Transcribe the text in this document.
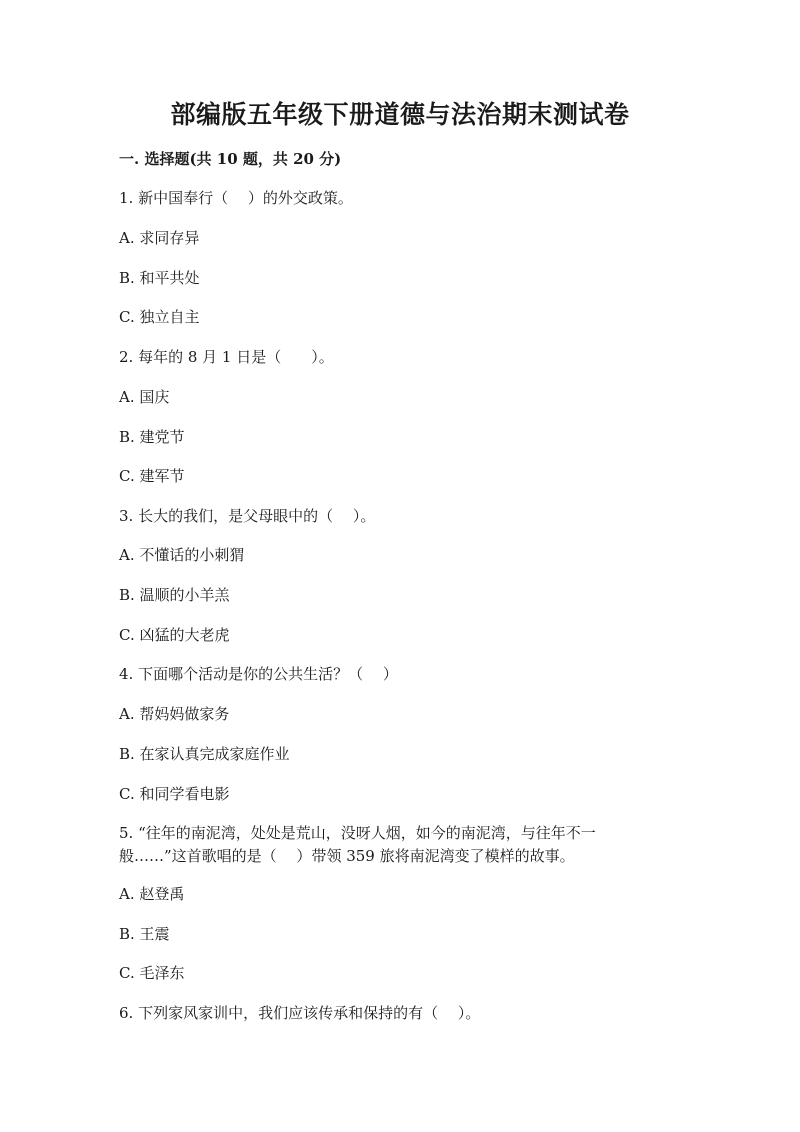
部编版五年级下册道德与法治期末测试卷
一. 选择题(共 10 题，共 20 分)
1. 新中国奉行（　 ）的外交政策。
A. 求同存异
B. 和平共处
C. 独立自主
2. 每年的 8 月 1 日是（　　）。
A. 国庆
B. 建党节
C. 建军节
3. 长大的我们，是父母眼中的（　 ）。
A. 不懂话的小刺猬
B. 温顺的小羊羔
C. 凶猛的大老虎
4. 下面哪个活动是你的公共生活？（　 ）
A. 帮妈妈做家务
B. 在家认真完成家庭作业
C. 和同学看电影
5. “往年的南泥湾，处处是荒山，没呀人烟，如今的南泥湾，与往年不一
般……”这首歌唱的是（　 ）带领 359 旅将南泥湾变了模样的故事。
A. 赵登禹
B. 王震
C. 毛泽东
6. 下列家风家训中，我们应该传承和保持的有（　 ）。
